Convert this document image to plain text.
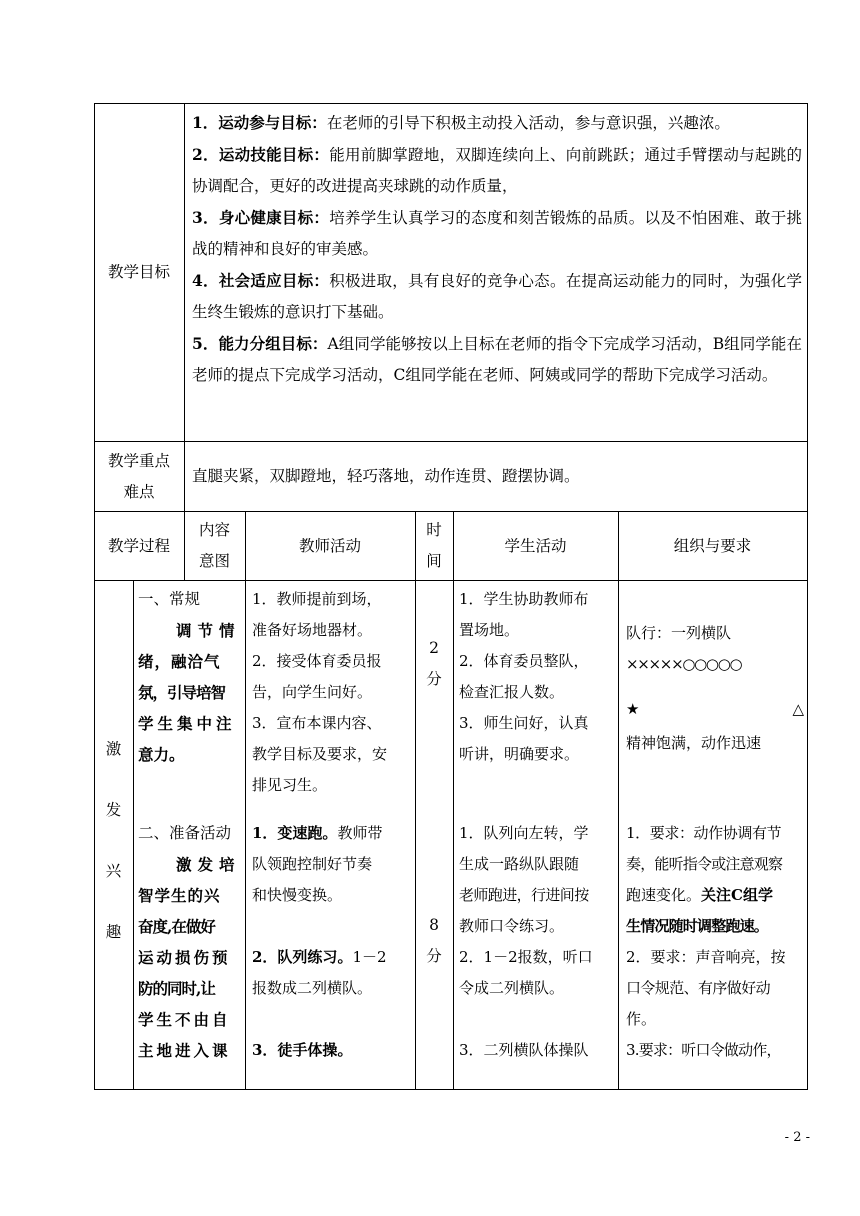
教学目标

1．运动参与目标：在老师的引导下积极主动投入活动，参与意识强，兴趣浓。

2．运动技能目标：能用前脚掌蹬地，双脚连续向上、向前跳跃；通过手臂摆动与起跳的协调配合，更好的改进提高夹球跳的动作质量，

3．身心健康目标：培养学生认真学习的态度和刻苦锻炼的品质。以及不怕困难、敢于挑战的精神和良好的审美感。

4．社会适应目标：积极进取，具有良好的竞争心态。在提高运动能力的同时，为强化学生终生锻炼的意识打下基础。

5．能力分组目标：A组同学能够按以上目标在老师的指令下完成学习活动，B组同学能在老师的提点下完成学习活动，C组同学能在老师、阿姨或同学的帮助下完成学习活动。

教学重点
难点
直腿夹紧，双脚蹬地，轻巧落地，动作连贯、蹬摆协调。
教学过程
内容
意图
教师活动
时
间
学生活动	组织与要求
激
发
兴
趣
一、常规
调节情
绪，融洽气
氛，引导培智
学生集中注
意力。
1．教师提前到场，
准备好场地器材。
2．接受体育委员报
告，向学生问好。
3．宣布本课内容、
教学目标及要求，安
排见习生。
2
分
1．学生协助教师布
置场地。
2．体育委员整队，
检查汇报人数。
3．师生问好，认真
听讲，明确要求。
队行：一列横队
×××××○○○○○
★	△
精神饱满，动作迅速
二、准备活动
激发培
智学生的兴
奋度,在做好
运动损伤预
防的同时,让
学生不由自
主地进入课
1．变速跑。教师带
队领跑控制好节奏
和快慢变换。
2．队列练习。1－2
报数成二列横队。
3．徒手体操。
8
分
1．队列向左转，学
生成一路纵队跟随
老师跑进，行进间按
教师口令练习。
2．1－2报数，听口
令成二列横队。
3．二列横队体操队
1．要求：动作协调有节
奏，能听指令或注意观察
跑速变化。关注C组学
生情况随时调整跑速。
2．要求：声音响亮，按
口令规范、有序做好动
作。
3.要求：听口令做动作，
- 2 -
